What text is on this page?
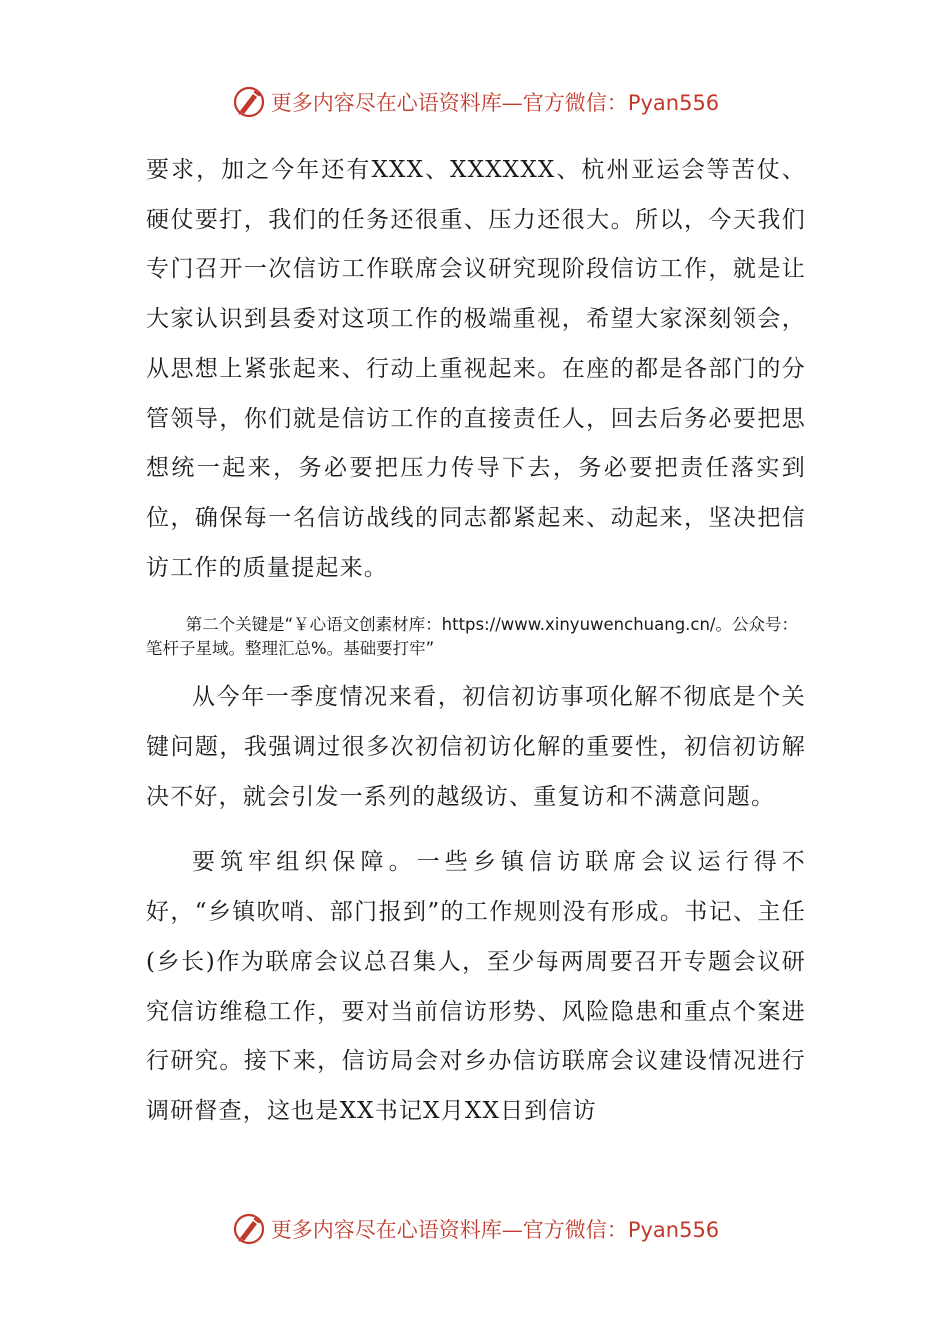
更多内容尽在心语资料库—官方微信：Pyan556

要求，加之今年还有XXX、XXXXXX、杭州亚运会等苦仗、硬仗要打，我们的任务还很重、压力还很大。所以，今天我们专门召开一次信访工作联席会议研究现阶段信访工作，就是让大家认识到县委对这项工作的极端重视，希望大家深刻领会，从思想上紧张起来、行动上重视起来。在座的都是各部门的分管领导，你们就是信访工作的直接责任人，回去后务必要把思想统一起来，务必要把压力传导下去，务必要把责任落实到位，确保每一名信访战线的同志都紧起来、动起来，坚决把信访工作的质量提起来。

第二个关键是“￥心语文创素材库：https://www.xinyuwenchuang.cn/。公众号：笔杆子星域。整理汇总%。基础要打牢”

从今年一季度情况来看，初信初访事项化解不彻底是个关键问题，我强调过很多次初信初访化解的重要性，初信初访解决不好，就会引发一系列的越级访、重复访和不满意问题。

要筑牢组织保障。一些乡镇信访联席会议运行得不好，“乡镇吹哨、部门报到”的工作规则没有形成。书记、主任(乡长)作为联席会议总召集人，至少每两周要召开专题会议研究信访维稳工作，要对当前信访形势、风险隐患和重点个案进行研究。接下来，信访局会对乡办信访联席会议建设情况进行调研督查，这也是XX书记X月XX日到信访

更多内容尽在心语资料库—官方微信：Pyan556
